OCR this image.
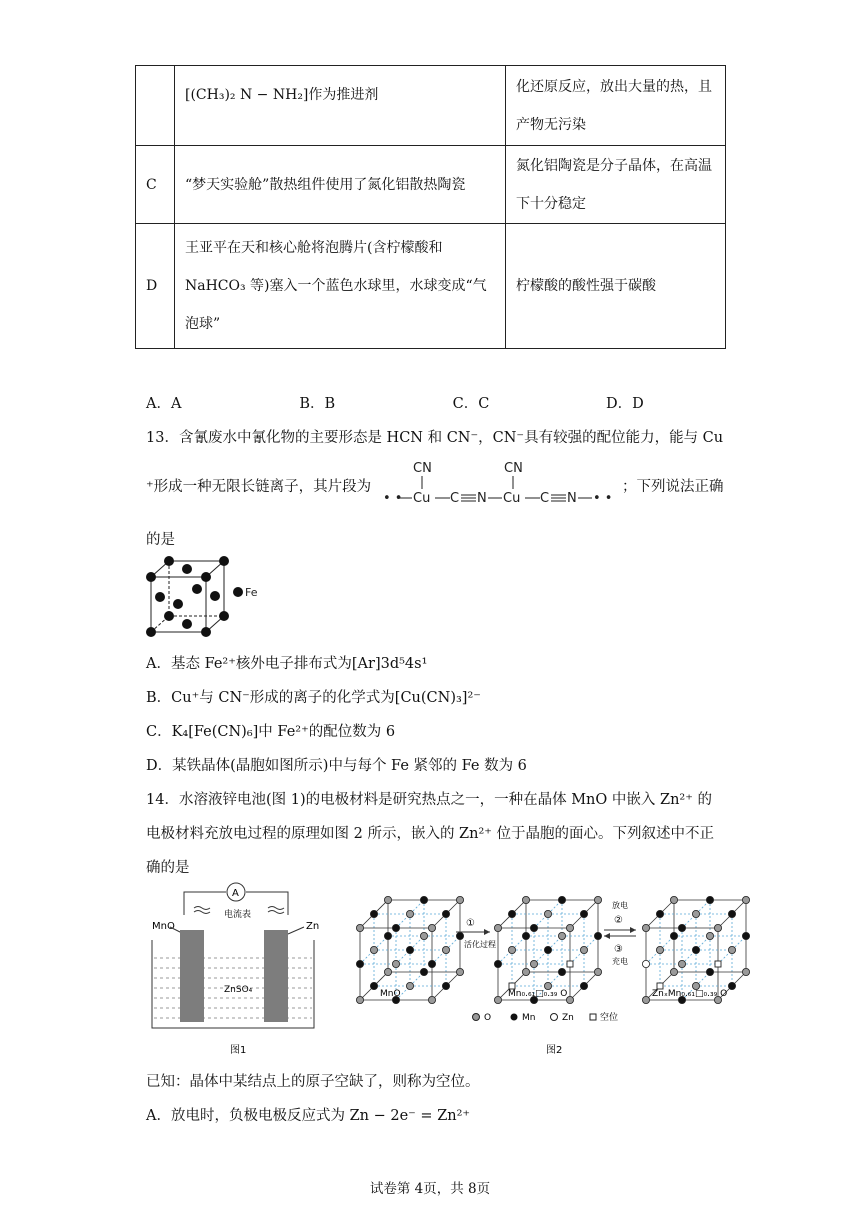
	[(CH₃)₂ N − NH₂]作为推进剂	化还原反应，放出大量的热，且
产物无污染

C	“梦天实验舱”散热组件使用了氮化铝散热陶瓷	氮化铝陶瓷是分子晶体，在高温
下十分稳定

D	王亚平在天和核心舱将泡腾片(含柠檬酸和
NaHCO₃ 等)塞入一个蓝色水球里，水球变成“气
泡球”	柠檬酸的酸性强于碳酸
A．A	B．B	C．C	D．D
13．含氰废水中氰化物的主要形态是 HCN 和 CN⁻，CN⁻具有较强的配位能力，能与 Cu
⁺形成一种无限长链离子，其片段为
CN
• • Cu C N
CN
Cu C N • •
；下列说法正确
的是
Fe
A．基态 Fe²⁺核外电子排布式为[Ar]3d⁵4s¹
B．Cu⁺与 CN⁻形成的离子的化学式为[Cu(CN)₃]²⁻
C．K₄[Fe(CN)₆]中 Fe²⁺的配位数为 6
D．某铁晶体(晶胞如图所示)中与每个 Fe 紧邻的 Fe 数为 6
14．水溶液锌电池(图 1)的电极材料是研究热点之一，一种在晶体 MnO 中嵌入 Zn²⁺ 的
电极材料充放电过程的原理如图 2 所示，嵌入的 Zn²⁺ 位于晶胞的面心。下列叙述中不正
确的是
A
电流表
MnO	Zn
ZnSO₄
图1
MnO	Mn₀.₆₁□₀.₃₉ O	ZnₓMn₀.₆₁□₀.₃₉ O
①
活化过程
放电
②
③
充电
O	Mn	Zn	空位
图2
已知：晶体中某结点上的原子空缺了，则称为空位。
A．放电时，负极电极反应式为 Zn − 2e⁻ = Zn²⁺
试卷第 4页，共 8页
